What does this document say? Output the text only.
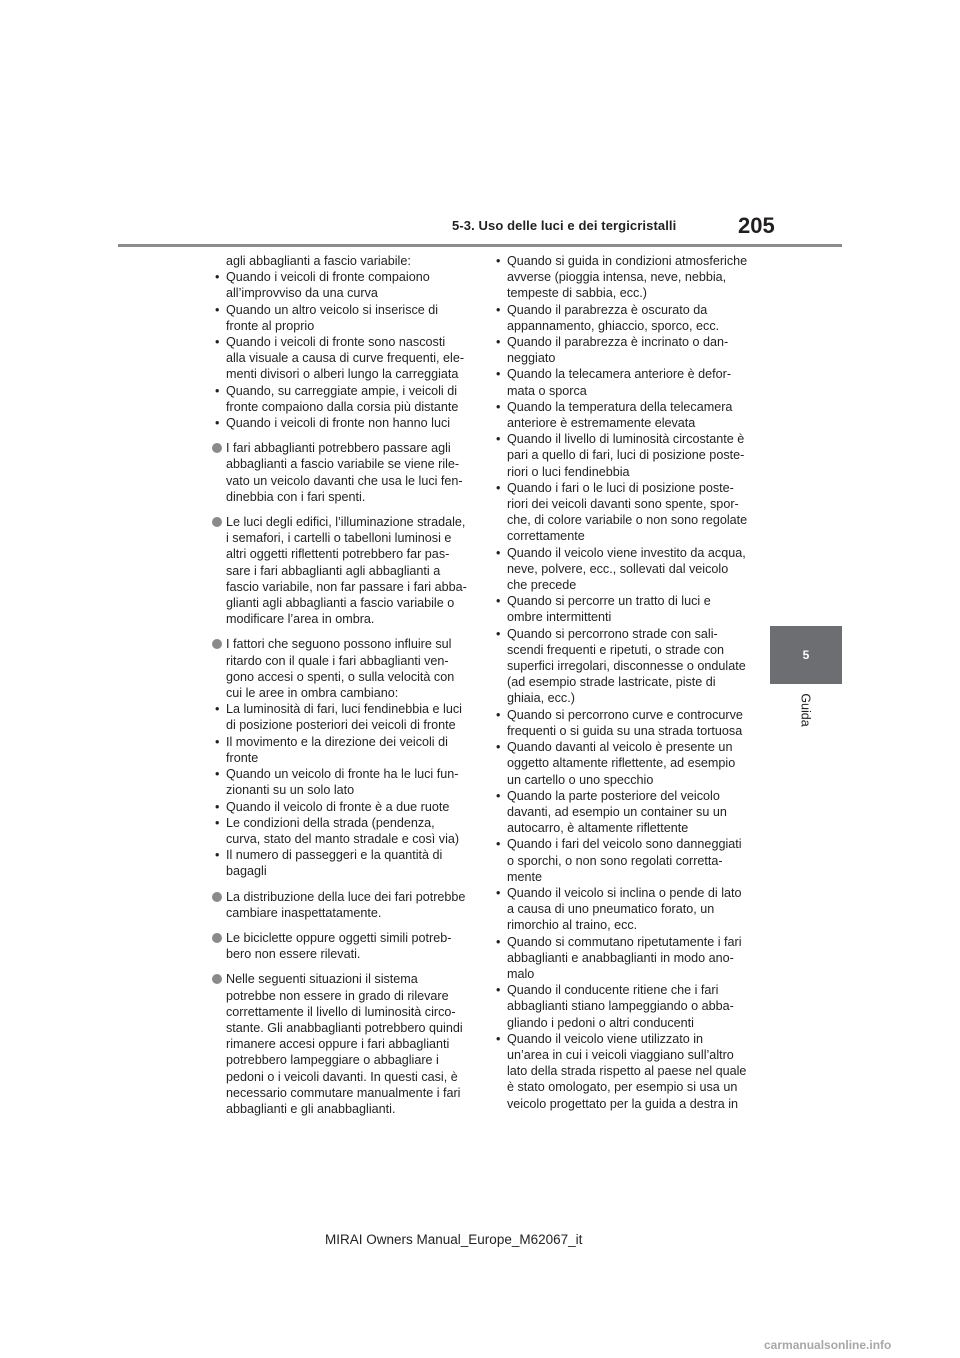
5-3. Uso delle luci e dei tergicristalli	205
5
Guida
agli abbaglianti a fascio variabile:
• Quando i veicoli di fronte compaiono
all’improvviso da una curva
• Quando un altro veicolo si inserisce di
fronte al proprio
• Quando i veicoli di fronte sono nascosti
alla visuale a causa di curve frequenti, ele-
menti divisori o alberi lungo la carreggiata
• Quando, su carreggiate ampie, i veicoli di
fronte compaiono dalla corsia più distante
• Quando i veicoli di fronte non hanno luci
I fari abbaglianti potrebbero passare agli
abbaglianti a fascio variabile se viene rile-
vato un veicolo davanti che usa le luci fen-
dinebbia con i fari spenti.
Le luci degli edifici, l’illuminazione stradale,
i semafori, i cartelli o tabelloni luminosi e
altri oggetti riflettenti potrebbero far pas-
sare i fari abbaglianti agli abbaglianti a
fascio variabile, non far passare i fari abba-
glianti agli abbaglianti a fascio variabile o
modificare l’area in ombra.
I fattori che seguono possono influire sul
ritardo con il quale i fari abbaglianti ven-
gono accesi o spenti, o sulla velocità con
cui le aree in ombra cambiano:
• La luminosità di fari, luci fendinebbia e luci
di posizione posteriori dei veicoli di fronte
• Il movimento e la direzione dei veicoli di
fronte
• Quando un veicolo di fronte ha le luci fun-
zionanti su un solo lato
• Quando il veicolo di fronte è a due ruote
• Le condizioni della strada (pendenza,
curva, stato del manto stradale e così via)
• Il numero di passeggeri e la quantità di
bagagli
La distribuzione della luce dei fari potrebbe
cambiare inaspettatamente.
Le biciclette oppure oggetti simili potreb-
bero non essere rilevati.
Nelle seguenti situazioni il sistema
potrebbe non essere in grado di rilevare
correttamente il livello di luminosità circo-
stante. Gli anabbaglianti potrebbero quindi
rimanere accesi oppure i fari abbaglianti
potrebbero lampeggiare o abbagliare i
pedoni o i veicoli davanti. In questi casi, è
necessario commutare manualmente i fari
abbaglianti e gli anabbaglianti.
• Quando si guida in condizioni atmosferiche
avverse (pioggia intensa, neve, nebbia,
tempeste di sabbia, ecc.)
• Quando il parabrezza è oscurato da
appannamento, ghiaccio, sporco, ecc.
• Quando il parabrezza è incrinato o dan-
neggiato
• Quando la telecamera anteriore è defor-
mata o sporca
• Quando la temperatura della telecamera
anteriore è estremamente elevata
• Quando il livello di luminosità circostante è
pari a quello di fari, luci di posizione poste-
riori o luci fendinebbia
• Quando i fari o le luci di posizione poste-
riori dei veicoli davanti sono spente, spor-
che, di colore variabile o non sono regolate
correttamente
• Quando il veicolo viene investito da acqua,
neve, polvere, ecc., sollevati dal veicolo
che precede
• Quando si percorre un tratto di luci e
ombre intermittenti
• Quando si percorrono strade con sali-
scendi frequenti e ripetuti, o strade con
superfici irregolari, disconnesse o ondulate
(ad esempio strade lastricate, piste di
ghiaia, ecc.)
• Quando si percorrono curve e controcurve
frequenti o si guida su una strada tortuosa
• Quando davanti al veicolo è presente un
oggetto altamente riflettente, ad esempio
un cartello o uno specchio
• Quando la parte posteriore del veicolo
davanti, ad esempio un container su un
autocarro, è altamente riflettente
• Quando i fari del veicolo sono danneggiati
o sporchi, o non sono regolati corretta-
mente
• Quando il veicolo si inclina o pende di lato
a causa di uno pneumatico forato, un
rimorchio al traino, ecc.
• Quando si commutano ripetutamente i fari
abbaglianti e anabbaglianti in modo ano-
malo
• Quando il conducente ritiene che i fari
abbaglianti stiano lampeggiando o abba-
gliando i pedoni o altri conducenti
• Quando il veicolo viene utilizzato in
un’area in cui i veicoli viaggiano sull’altro
lato della strada rispetto al paese nel quale
è stato omologato, per esempio si usa un
veicolo progettato per la guida a destra in
MIRAI Owners Manual_Europe_M62067_it
carmanualsonline.info
